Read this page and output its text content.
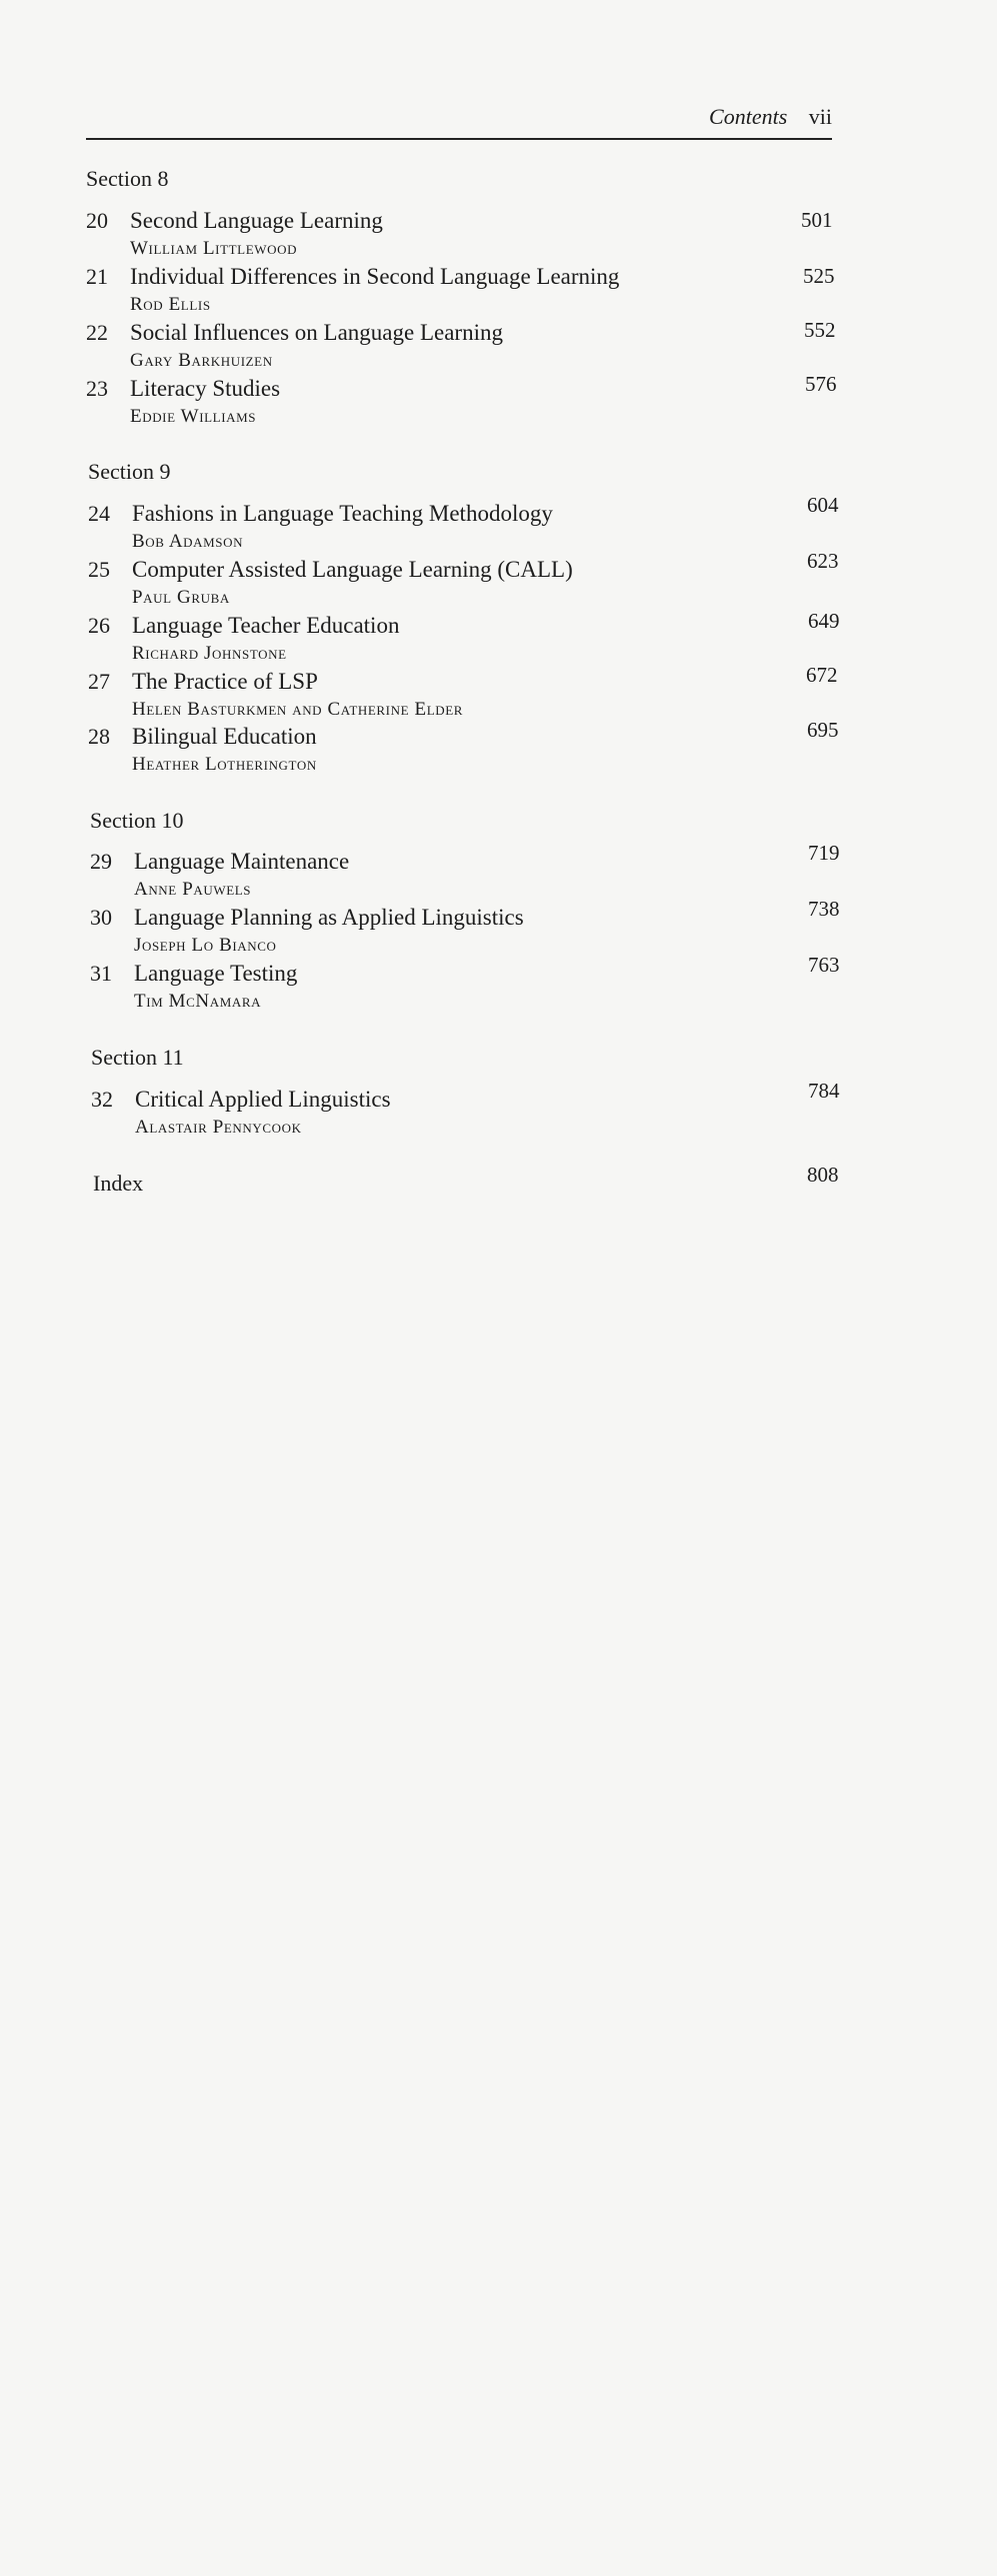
Contents vii
Section 8
20 Second Language Learning
William Littlewood
501
21 Individual Differences in Second Language Learning
Rod Ellis
525
22 Social Influences on Language Learning
Gary Barkhuizen
552
23 Literacy Studies
Eddie Williams
576
Section 9
24 Fashions in Language Teaching Methodology
Bob Adamson
604
25 Computer Assisted Language Learning (CALL)
Paul Gruba
623
26 Language Teacher Education
Richard Johnstone
649
27 The Practice of LSP
Helen Basturkmen and Catherine Elder
672
28 Bilingual Education
Heather Lotherington
695
Section 10
29 Language Maintenance
Anne Pauwels
719
30 Language Planning as Applied Linguistics
Joseph Lo Bianco
738
31 Language Testing
Tim McNamara
763
Section 11
32 Critical Applied Linguistics
Alastair Pennycook
784
Index	808
